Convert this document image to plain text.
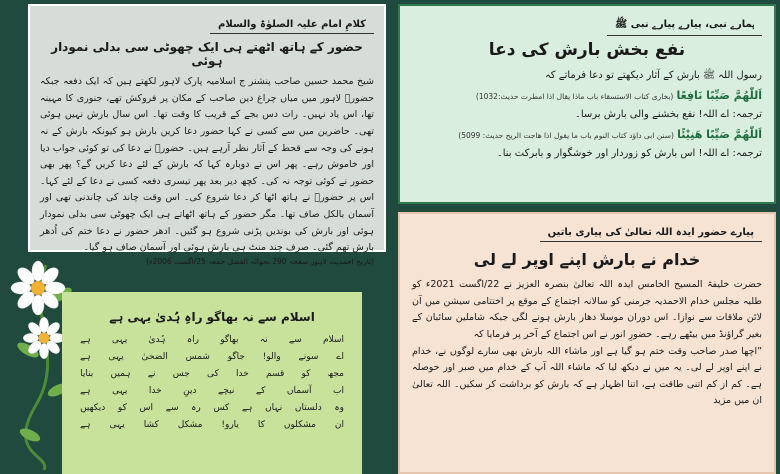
کلامِ امام علیہ الصلوٰۃ والسلام
حضور کے ہاتھ اٹھتے ہی ایک چھوٹی سی بدلی نمودار ہوئی

شیخ محمد حسین صاحب پنشنر ج اسلامیہ پارک لاہور لکھتے ہیں کہ ایک دفعہ جبکہ حضورؓ لاہور میں میاں چراغ دین صاحب کے مکان پر فروکش تھے، جنوری کا مہینہ تھا، اس یاد نہیں۔ رات دس بجے کے قریب کا وقت تھا۔ اس سال بارش نہیں ہوئی تھی۔ حاضرین میں سے کسی نے کہا حضور دعا کریں بارش ہو کیونکہ بارش کے نہ ہونے کی وجہ سے قحط کے آثار نظر آرہے ہیں۔ حضورؓ نے دعا کی تو کوئی جواب دیا اور خاموش رہے۔ پھر اس نے دوبارہ کہا کہ بارش کے لئے دعا کریں گے؟ پھر بھی حضور نے کوئی توجہ نہ کی۔ کچھ دیر بعد پھر تیسری دفعہ کسی نے دعا کے لئے کہا۔ اس پر حضورؓ نے ہاتھ اٹھا کر دعا شروع کی۔ اس وقت چاند کی چاندنی تھی اور آسمان بالکل صاف تھا۔ مگر حضور کے ہاتھ اٹھاتے ہی ایک چھوٹی سی بدلی نمودار ہوئی اور بارش کی بوندیں پڑنی شروع ہو گئیں۔ ادھر حضور نے دعا ختم کی اُدھر بارش تھم گئی۔ صرف چند منٹ ہی بارش ہوئی اور آسمان صاف ہو گیا۔

(تاریخ احمدیت لاہور صفحہ 290 بحوالہ الفضل جمعہ 25/اگست 2006ء)
ہمارے نبی، پیارے پیارے نبی ﷺ
نفع بخش بارش کی دعا
رسول اللہ ﷺ بارش کے آثار دیکھتے تو دعا فرماتے کہ
اَللّٰھُمَّ صَیِّبًا نَافِعًا (بخاری کتاب الاستسقاء باب ماذا یقال اذا امطرت حدیث:1032)
ترجمہ: اے اللہ! نفع بخشنے والی بارش برسا۔
اَللّٰھُمَّ صَیِّبًا ھَنِیْئًا (سنن ابی داؤد کتاب النوم باب ما یقول اذا ھاجت الریح حدیث: 5099)
ترجمہ: اے اللہ! اس بارش کو زوردار اور خوشگوار و بابرکت بنا۔
پیارے حضور ایدہ اللہ تعالیٰ کی پیاری باتیں
خدام نے بارش اپنے اوپر لے لی

حضرت خلیفۃ المسیح الخامس ایدہ اللہ تعالیٰ بنصرہ العزیز نے 22/اگست 2021ء کو طلبہ مجلس خدام الاحمدیہ جرمنی کو سالانہ اجتماع کے موقع پر اختتامی سیشن میں آن لائن ملاقات سے نوازا۔ اس دوران موسلا دھار بارش ہونے لگی جبکہ شاملین سائبان کے بغیر گراؤنڈ میں بیٹھے رہے۔ حضورِ انور نے اس اجتماع کے آخر پر فرمایا کہ

”اچھا صدر صاحب وقت ختم ہو گیا ہے اور ماشاء اللہ بارش بھی سارے لوگوں نے، خدام نے اپنے اوپر لے لی۔ یہ میں نے دیکھ لیا کہ ماشاء اللہ آپ کے خدام میں صبر اور حوصلہ ہے۔ کم از کم اتنی طاقت ہے، اتنا اظہار ہے کہ بارش کو برداشت کر سکیں۔ اللہ تعالیٰ ان میں مزید

اسلام سے نہ بھاگو راہِ ہُدیٰ یہی ہے
اسلام
سے
نہ
بھاگو
راہ
ہُدیٰ
یہی
ہے
اے
سونے
والو!
جاگو
شمس
الضحیٰ
یہی
ہے
مجھ
کو
قسم
خدا
کی
جس
نے
ہمیں
بنایا
اب
آسماں
کے
نیچے
دینِ
خدا
یہی
ہے
وہ
دلستاں
نہاں
ہے
کس
رہ
سے
اس
کو
دیکھیں
ان
مشکلوں
کا
یارو!
مشکل
کشا
یہی
ہے
